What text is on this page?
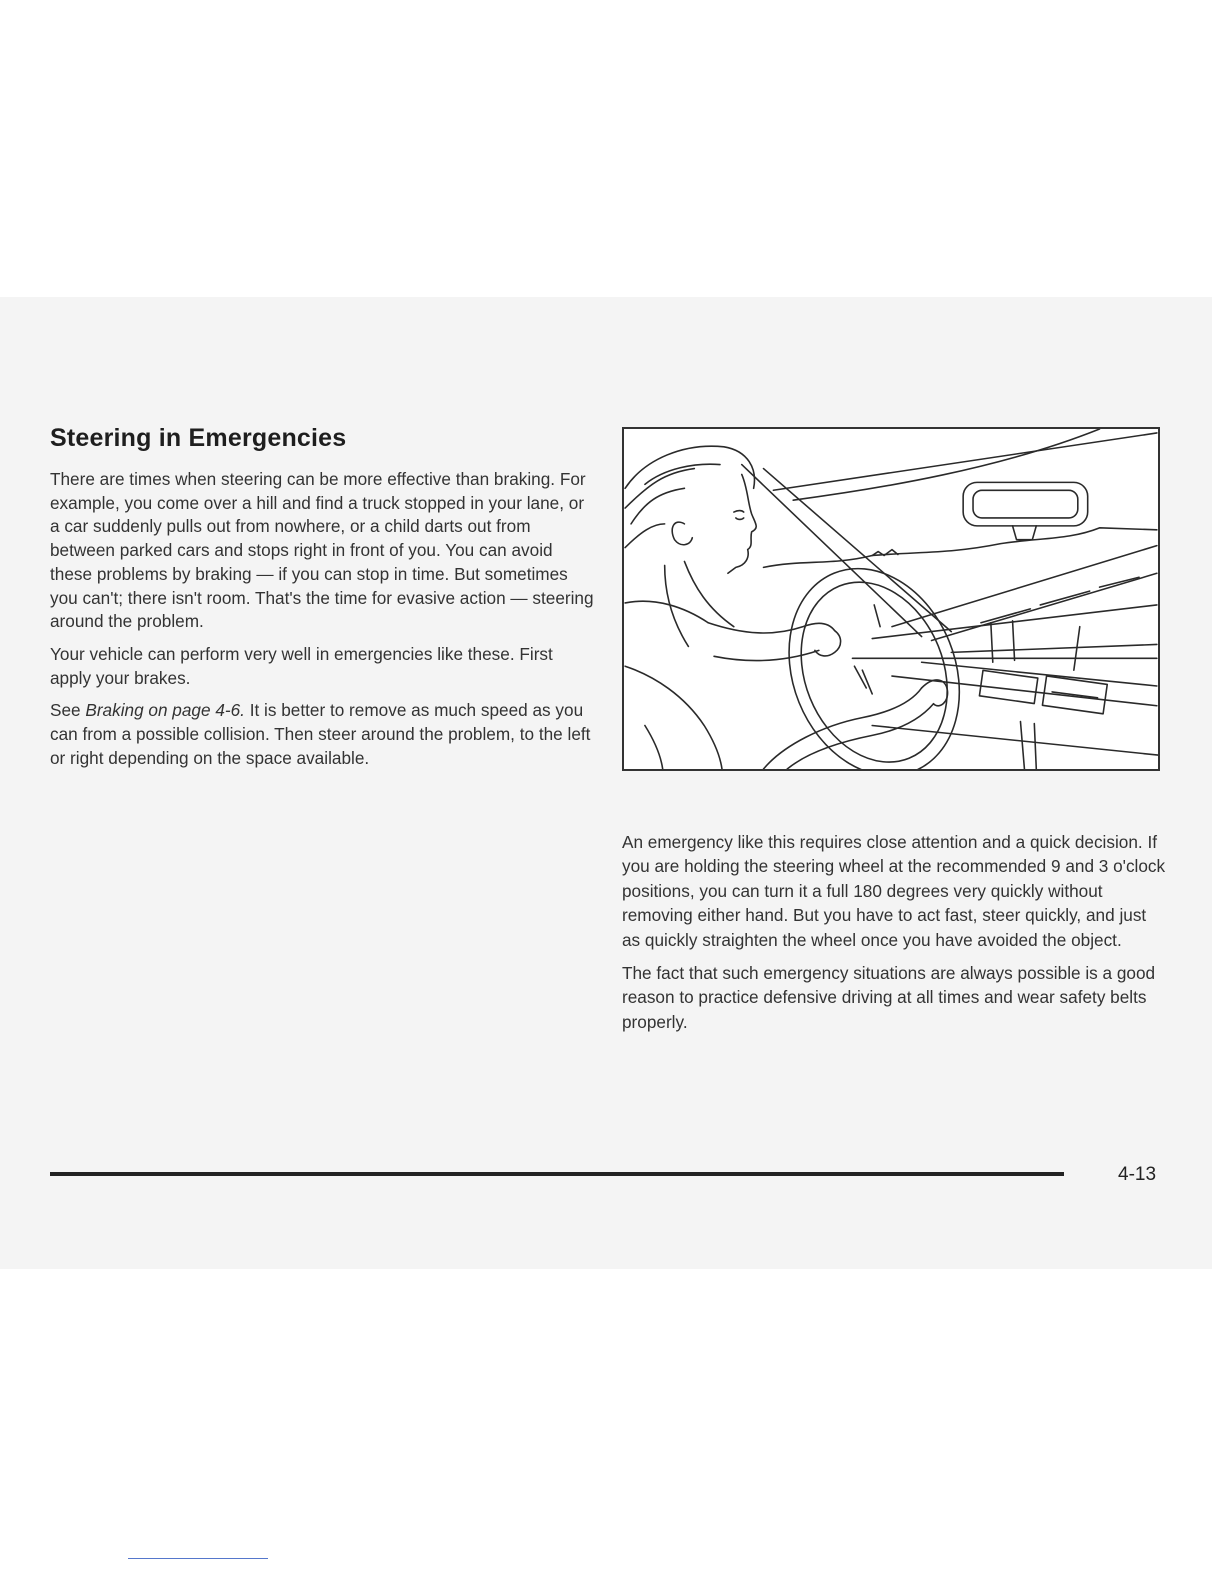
Steering in Emergencies

There are times when steering can be more effective than braking. For example, you come over a hill and find a truck stopped in your lane, or a car suddenly pulls out from nowhere, or a child darts out from between parked cars and stops right in front of you. You can avoid these problems by braking — if you can stop in time. But sometimes you can't; there isn't room. That's the time for evasive action — steering around the problem.

Your vehicle can perform very well in emergencies like these. First apply your brakes.

See Braking on page 4-6. It is better to remove as much speed as you can from a possible collision. Then steer around the problem, to the left or right depending on the space available.

An emergency like this requires close attention and a quick decision. If you are holding the steering wheel at the recommended 9 and 3 o'clock positions, you can turn it a full 180 degrees very quickly without removing either hand. But you have to act fast, steer quickly, and just as quickly straighten the wheel once you have avoided the object.

The fact that such emergency situations are always possible is a good reason to practice defensive driving at all times and wear safety belts properly.

4-13
